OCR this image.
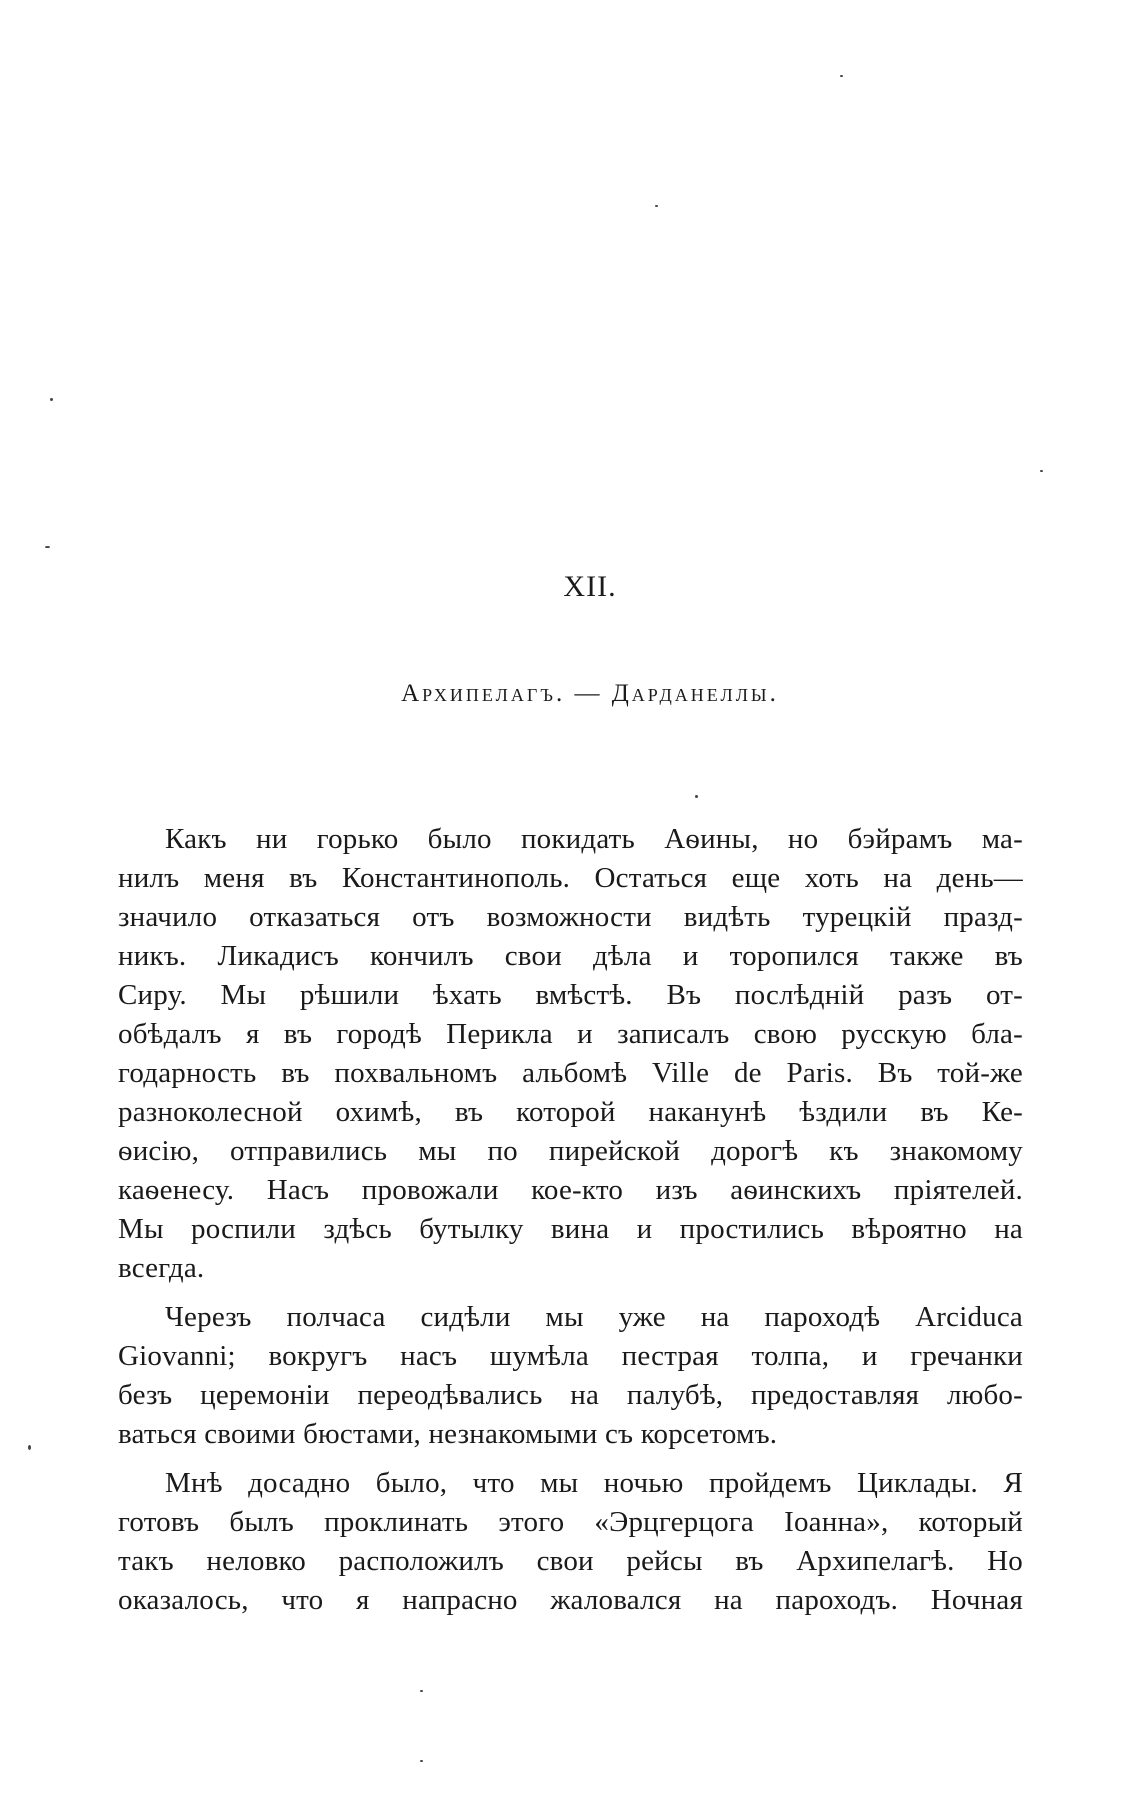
XII.
Архипелагъ. — Дарданеллы.
Какъ ни горько было покидать Аѳины, но бэйрамъ ма-
нилъ меня въ Константинополь. Остаться еще хоть на день—
значило отказаться отъ возможности видѣть турецкій празд-
никъ. Ликадисъ кончилъ свои дѣла и торопился также въ
Сиру. Мы рѣшили ѣхать вмѣстѣ. Въ послѣдній разъ от-
обѣдалъ я въ городѣ Перикла и записалъ свою русскую бла-
годарность въ похвальномъ альбомѣ Ville de Paris. Въ той-же
разноколесной охимѣ, въ которой наканунѣ ѣздили въ Ке-
ѳисію, отправились мы по пирейской дорогѣ къ знакомому
каѳенесу. Насъ провожали кое-кто изъ аѳинскихъ пріятелей.
Мы роспили здѣсь бутылку вина и простились вѣроятно на
всегда.
Черезъ полчаса сидѣли мы уже на пароходѣ Arciduca
Giovanni; вокругъ насъ шумѣла пестрая толпа, и гречанки
безъ церемоніи переодѣвались на палубѣ, предоставляя любо-
ваться своими бюстами, незнакомыми съ корсетомъ.
Мнѣ досадно было, что мы ночью пройдемъ Циклады. Я
готовъ былъ проклинать этого «Эрцгерцога Іоанна», который
такъ неловко расположилъ свои рейсы въ Архипелагѣ. Но
оказалось, что я напрасно жаловался на пароходъ. Ночная
